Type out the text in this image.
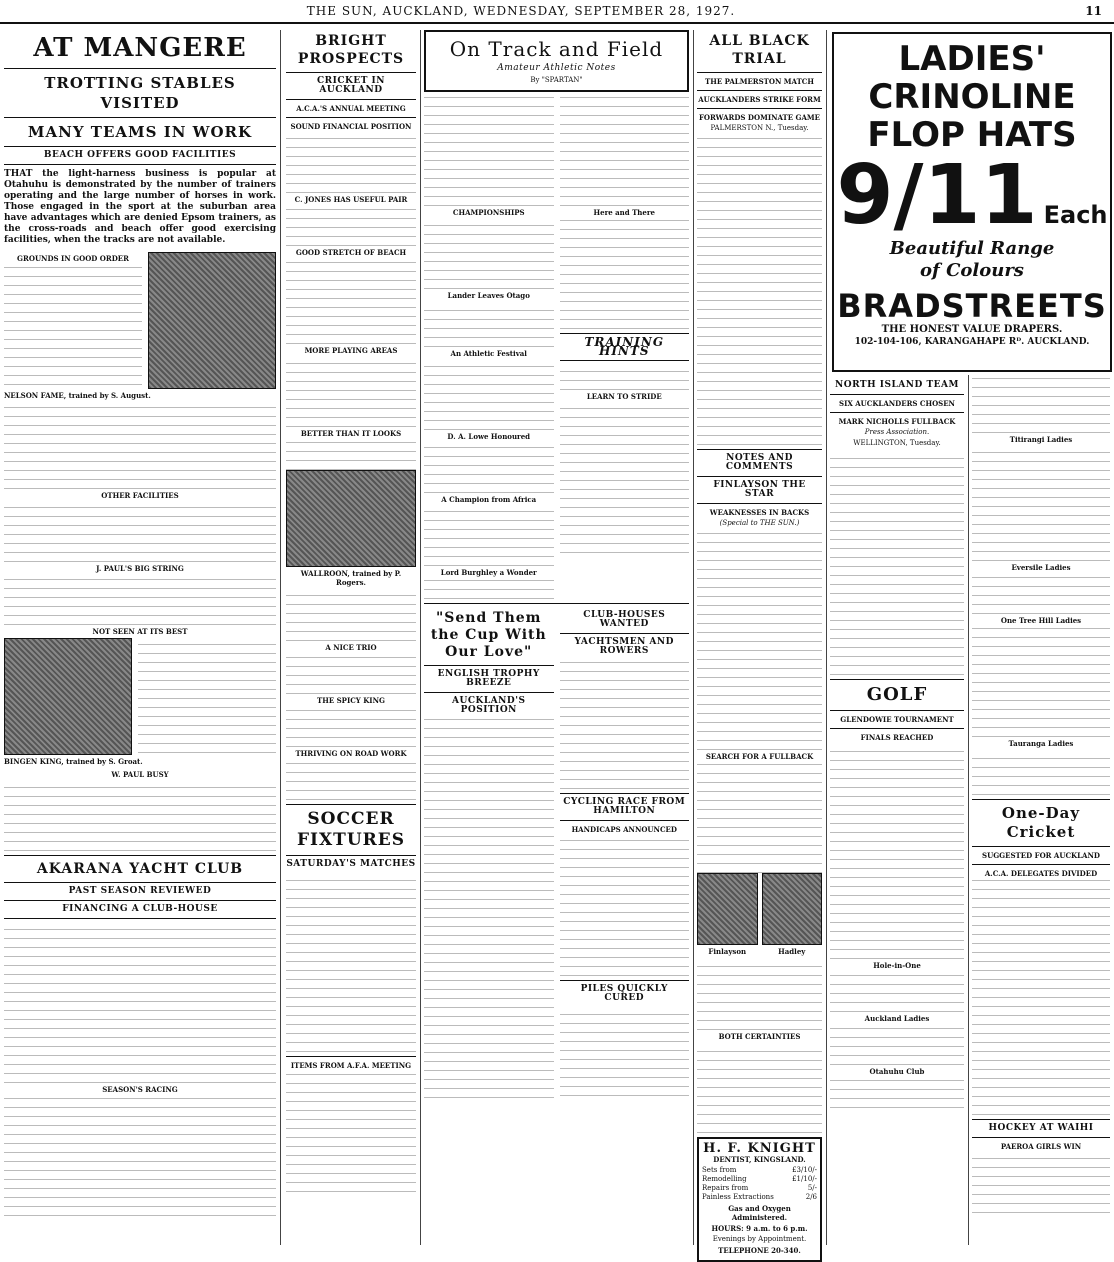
THE SUN, AUCKLAND, WEDNESDAY, SEPTEMBER 28, 1927.	11
AT MANGERE
TROTTING STABLES VISITED
MANY TEAMS IN WORK
BEACH OFFERS GOOD FACILITIES
THAT the light-harness business is popular at Otahuhu is demonstrated by the number of trainers operating and the large number of horses in work. Those engaged in the sport at the suburban area have advantages which are denied Epsom trainers, as the cross-roads and beach offer good exercising facilities, when the tracks are not available.
GROUNDS IN GOOD ORDER
NELSON FAME, trained by S. August.
OTHER FACILITIES
J. PAUL'S BIG STRING
NOT SEEN AT ITS BEST
BINGEN KING, trained by S. Groat.
W. PAUL BUSY
AKARANA YACHT CLUB
PAST SEASON REVIEWED
FINANCING A CLUB-HOUSE
SEASON'S RACING
BRIGHT PROSPECTS
CRICKET IN AUCKLAND
A.C.A.'S ANNUAL MEETING
SOUND FINANCIAL POSITION
C. JONES HAS USEFUL PAIR
GOOD STRETCH OF BEACH
MORE PLAYING AREAS
BETTER THAN IT LOOKS
WALLROON, trained by P. Rogers.
A NICE TRIO
THE SPICY KING
THRIVING ON ROAD WORK
SOCCER FIXTURES
SATURDAY'S MATCHES
ITEMS FROM A.F.A. MEETING
On Track and Field
Amateur Athletic Notes
By "SPARTAN"
CHAMPIONSHIPS
Lander Leaves Otago
An Athletic Festival
D. A. Lowe Honoured
A Champion from Africa
Lord Burghley a Wonder
Here and There
TRAINING HINTS
LEARN TO STRIDE
"Send Them the Cup With Our Love"
ENGLISH TROPHY BREEZE
AUCKLAND'S POSITION
CLUB-HOUSES WANTED
YACHTSMEN AND ROWERS
CYCLING RACE FROM HAMILTON
HANDICAPS ANNOUNCED
PILES QUICKLY CURED
ALL BLACK TRIAL
THE PALMERSTON MATCH
AUCKLANDERS STRIKE FORM
FORWARDS DOMINATE GAME
PALMERSTON N., Tuesday.
NOTES AND COMMENTS
FINLAYSON THE STAR
WEAKNESSES IN BACKS
(Special to THE SUN.)
SEARCH FOR A FULLBACK
Finlayson	Hadley
BOTH CERTAINTIES
H. F. KNIGHT
DENTIST, KINGSLAND.
Sets from	£3/10/-
Remodelling	£1/10/-
Repairs from	5/-
Painless Extractions	2/6
Gas and Oxygen Administered.
HOURS: 9 a.m. to 6 p.m.
Evenings by Appointment.
TELEPHONE 20-340.
LADIES'
CRINOLINE
FLOP HATS
9/11 Each
Beautiful Range
of Colours
BRADSTREETS
THE HONEST VALUE DRAPERS.
102-104-106, KARANGAHAPE Rᴰ. AUCKLAND.
NORTH ISLAND TEAM
SIX AUCKLANDERS CHOSEN
MARK NICHOLLS FULLBACK
Press Association.
WELLINGTON, Tuesday.
GOLF
GLENDOWIE TOURNAMENT
FINALS REACHED
Hole-in-One
Auckland Ladies
Otahuhu Club
Titirangi Ladies
Eversile Ladies
One Tree Hill Ladies
Tauranga Ladies
One-Day Cricket
SUGGESTED FOR AUCKLAND
A.C.A. DELEGATES DIVIDED
HOCKEY AT WAIHI
PAEROA GIRLS WIN
